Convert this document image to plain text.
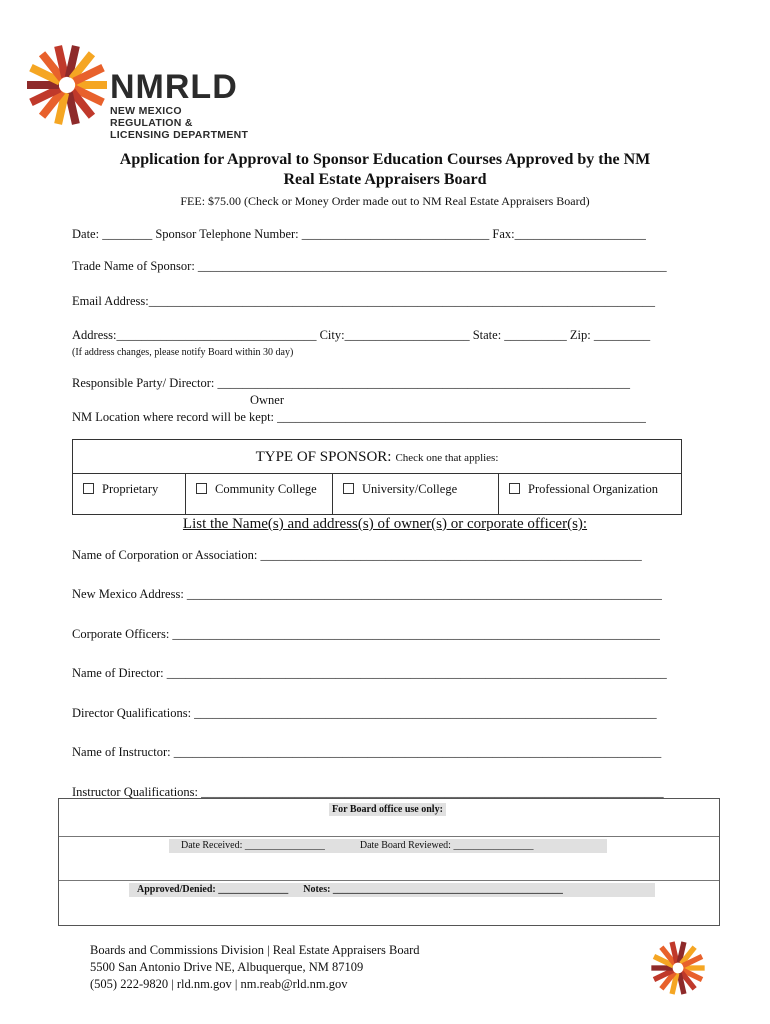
NMRLD
NEW MEXICO
REGULATION &
LICENSING DEPARTMENT
Application for Approval to Sponsor Education Courses Approved by the NM
Real Estate Appraisers Board
FEE: $75.00 (Check or Money Order made out to NM Real Estate Appraisers Board)
Date: ________ Sponsor Telephone Number: ______________________________ Fax:_____________________
Trade Name of Sponsor: ___________________________________________________________________________
Email Address:_________________________________________________________________________________
Address:________________________________ City:____________________ State: __________ Zip: _________
(If address changes, please notify Board within 30 day)
Responsible Party/ Director: __________________________________________________________________
Owner
NM Location where record will be kept: ___________________________________________________________
TYPE OF SPONSOR: Check one that applies:
Proprietary	Community College	University/College	Professional Organization
List the Name(s) and address(s) of owner(s) or corporate officer(s):
Name of Corporation or Association: _____________________________________________________________
New Mexico Address: ____________________________________________________________________________
Corporate Officers: ______________________________________________________________________________
Name of Director: ________________________________________________________________________________
Director Qualifications: __________________________________________________________________________
Name of Instructor: ______________________________________________________________________________
Instructor Qualifications: __________________________________________________________________________
For Board office use only:
Date Received: ________________	Date Board Reviewed: ________________
Approved/Denied: ______________ Notes: ______________________________________________
Boards and Commissions Division | Real Estate Appraisers Board
5500 San Antonio Drive NE, Albuquerque, NM 87109
(505) 222-9820 | rld.nm.gov | nm.reab@rld.nm.gov
